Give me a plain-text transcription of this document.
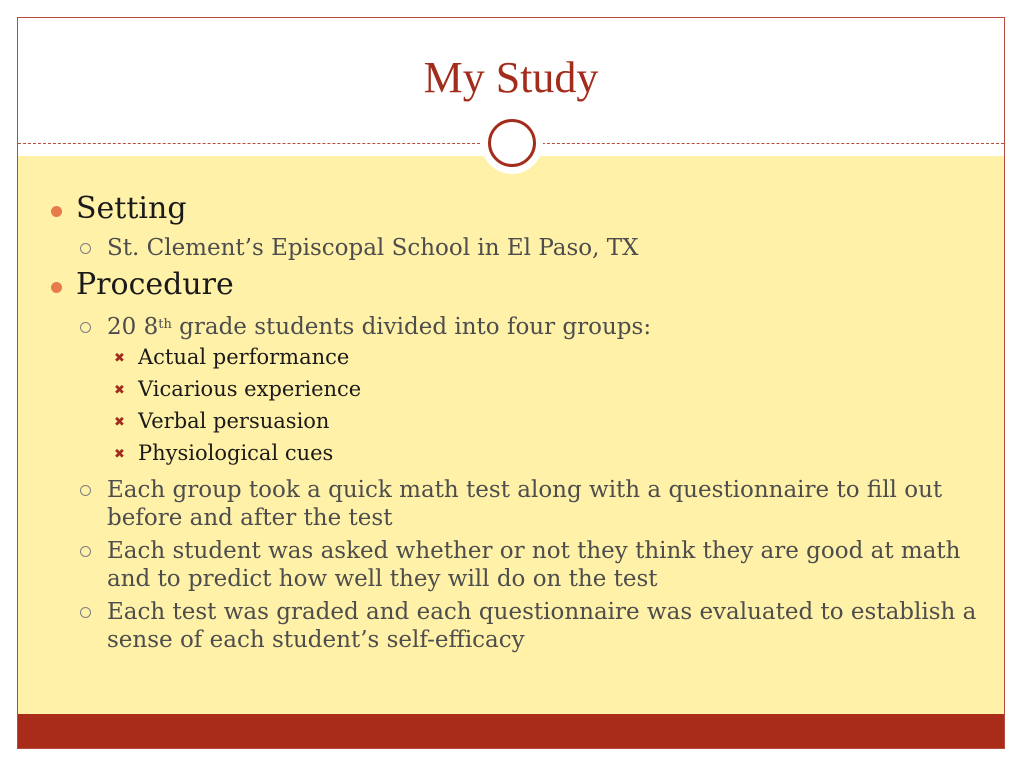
My Study
Setting
St. Clement’s Episcopal School in El Paso, TX
Procedure
20 8th grade students divided into four groups:
✖ Actual performance
✖ Vicarious experience
✖ Verbal persuasion
✖ Physiological cues
Each group took a quick math test along with a questionnaire to fill out before and after the test
Each student was asked whether or not they think they are good at math and to predict how well they will do on the test
Each test was graded and each questionnaire was evaluated to establish a sense of each student’s self-efficacy
